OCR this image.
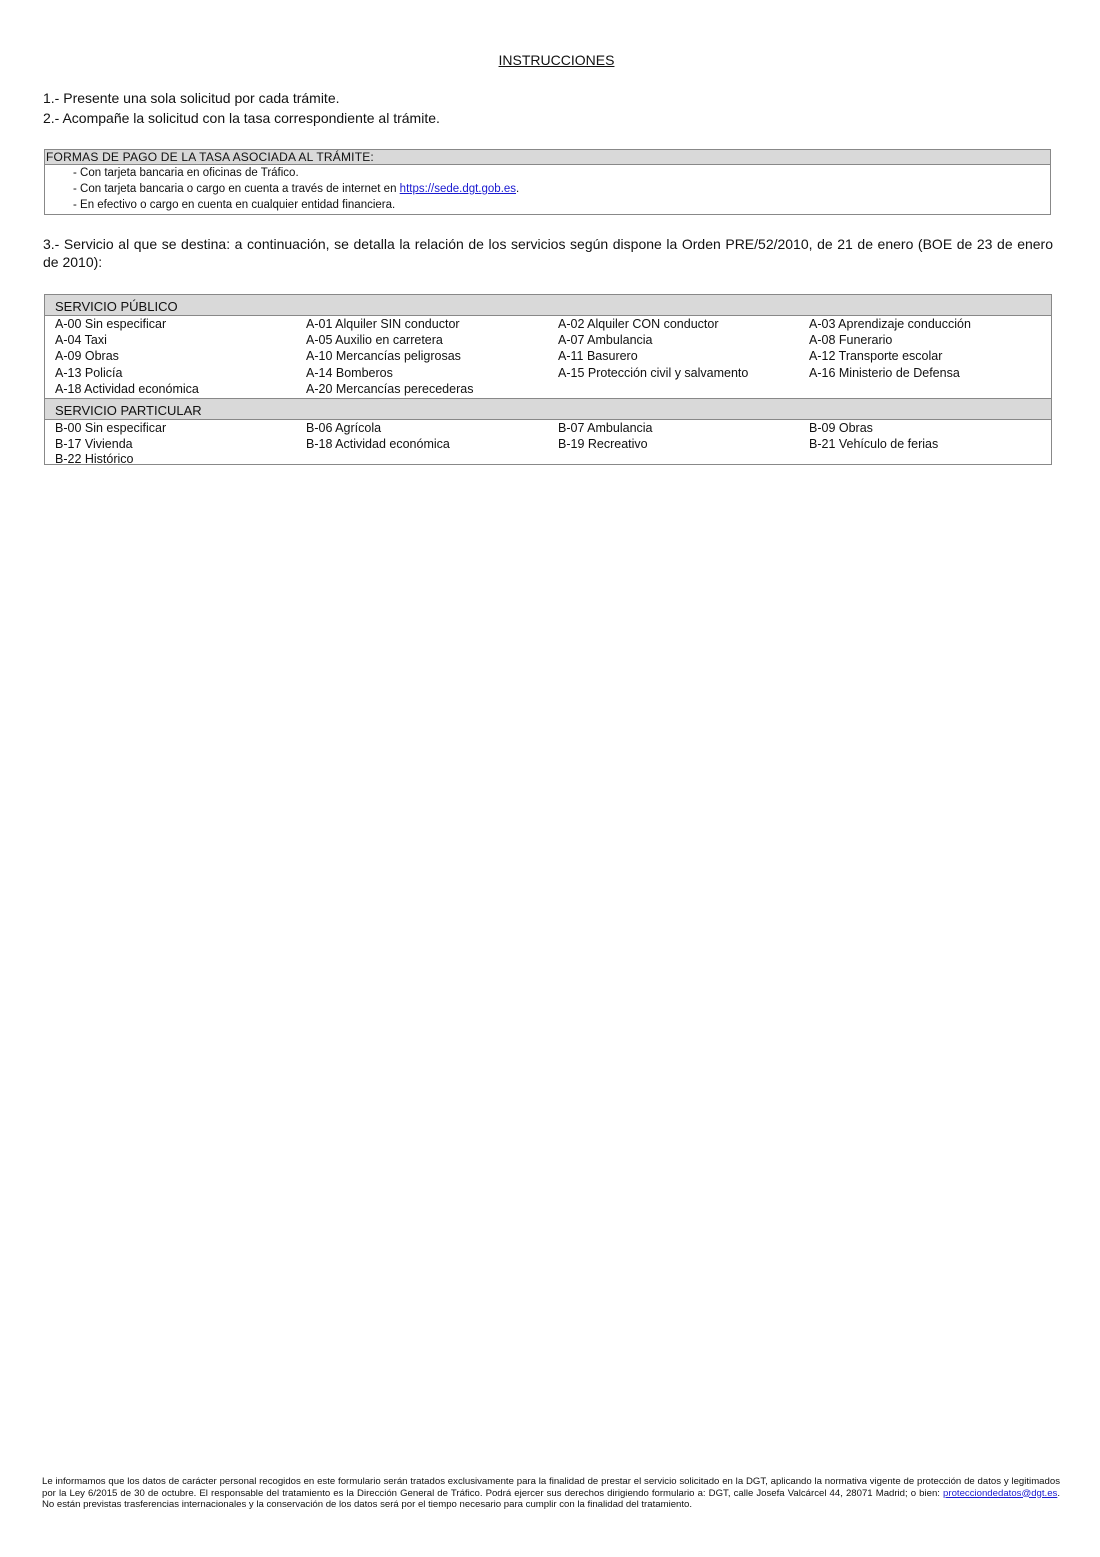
INSTRUCCIONES
1.- Presente una sola solicitud por cada trámite.
2.- Acompañe la solicitud con la tasa correspondiente al trámite.
FORMAS DE PAGO DE LA TASA ASOCIADA AL TRÁMITE:
- Con tarjeta bancaria en oficinas de Tráfico.
- Con tarjeta bancaria o cargo en cuenta a través de internet en https://sede.dgt.gob.es.
- En efectivo o cargo en cuenta en cualquier entidad financiera.
3.- Servicio al que se destina: a continuación, se detalla la relación de los servicios según dispone la Orden PRE/52/2010, de 21 de enero (BOE de 23 de enero de 2010):
SERVICIO PÚBLICO
A-00 Sin especificar	A-01 Alquiler SIN conductor	A-02 Alquiler CON conductor	A-03 Aprendizaje conducción
A-04 Taxi	A-05 Auxilio en carretera	A-07 Ambulancia	A-08 Funerario
A-09 Obras	A-10 Mercancías peligrosas	A-11 Basurero	A-12 Transporte escolar
A-13 Policía	A-14 Bomberos	A-15 Protección civil y salvamento	A-16 Ministerio de Defensa
A-18 Actividad económica	A-20 Mercancías perecederas
SERVICIO PARTICULAR
B-00 Sin especificar	B-06 Agrícola	B-07 Ambulancia	B-09 Obras
B-17 Vivienda	B-18 Actividad económica	B-19 Recreativo	B-21 Vehículo de ferias
B-22 Histórico
Le informamos que los datos de carácter personal recogidos en este formulario serán tratados exclusivamente para la finalidad de prestar el servicio solicitado en la DGT, aplicando la normativa vigente de protección de datos y legitimados por la Ley 6/2015 de 30 de octubre. El responsable del tratamiento es la Dirección General de Tráfico. Podrá ejercer sus derechos dirigiendo formulario a: DGT, calle Josefa Valcárcel 44, 28071 Madrid; o bien: protecciondedatos@dgt.es. No están previstas trasferencias internacionales y la conservación de los datos será por el tiempo necesario para cumplir con la finalidad del tratamiento.
